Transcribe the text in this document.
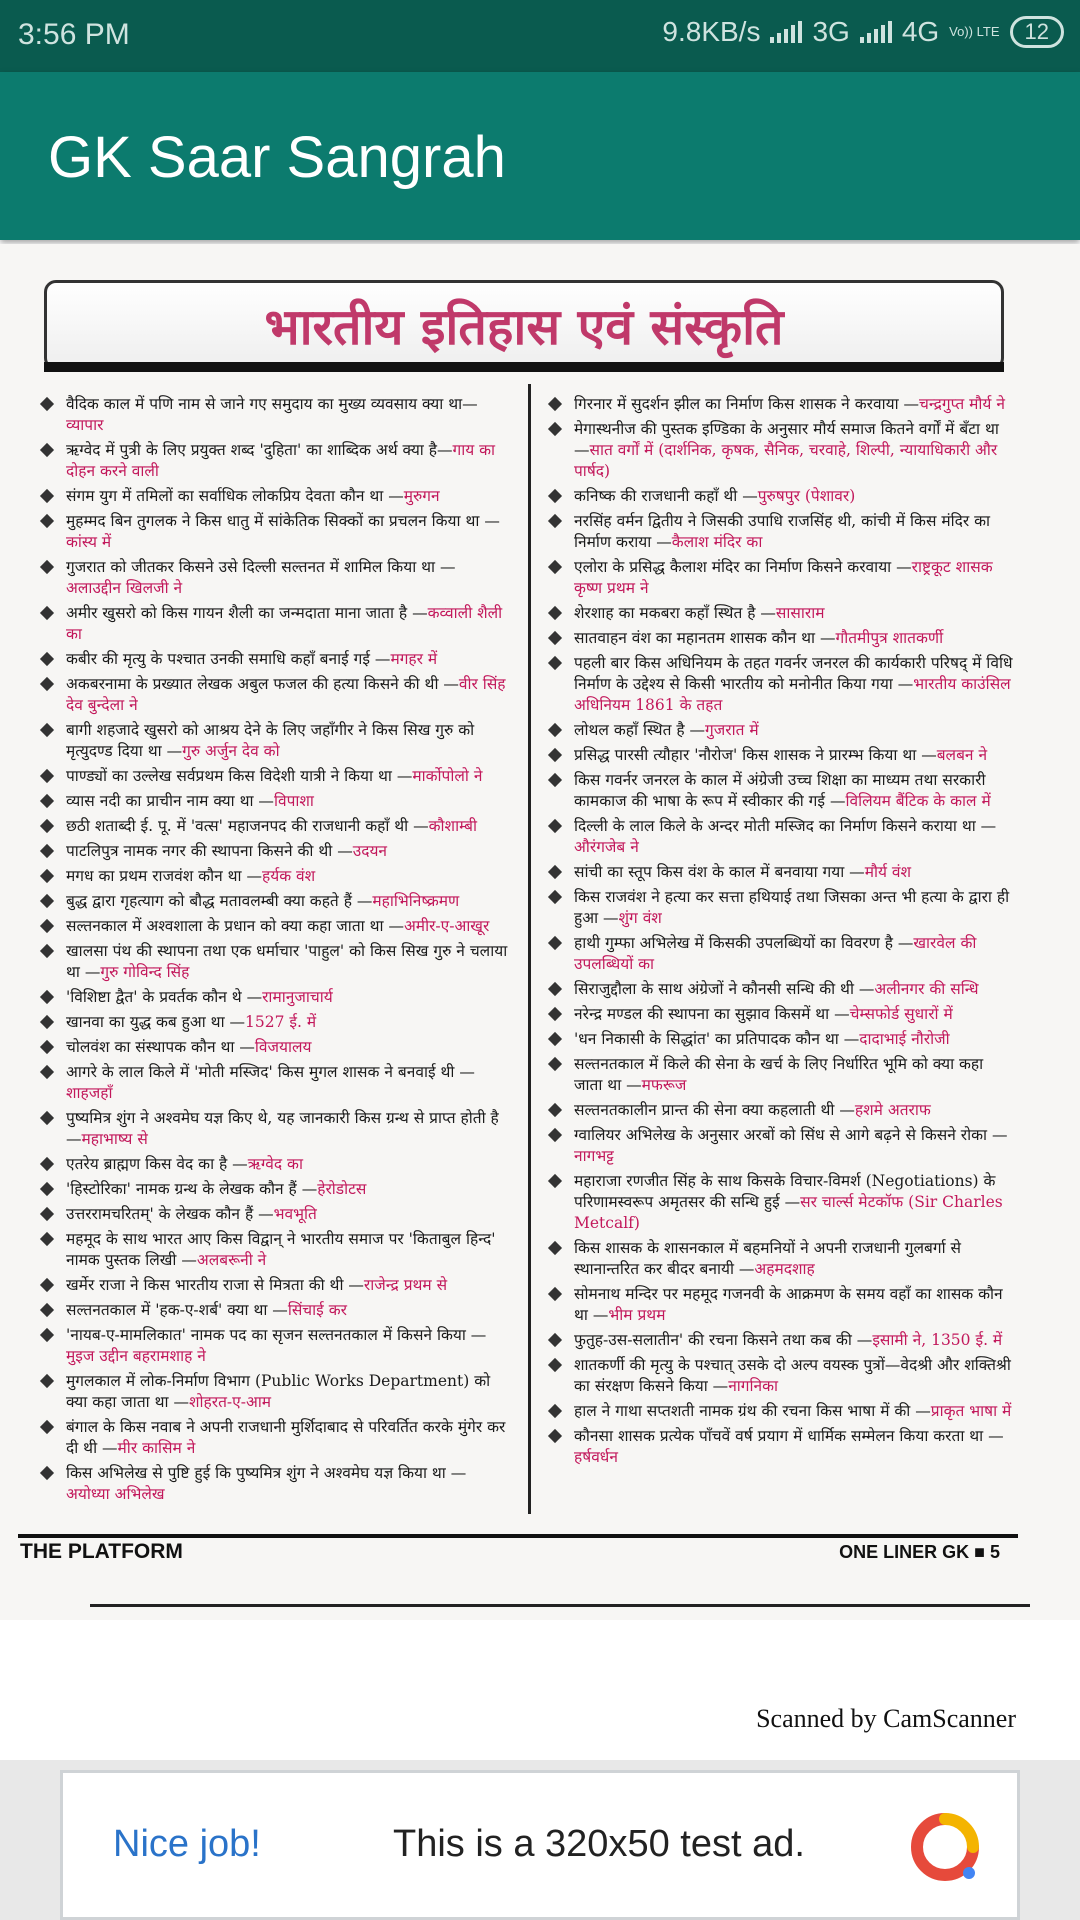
3:56 PM	9.8KB/s 3G 4G Vo)) LTE	12
GK Saar Sangrah
भारतीय इतिहास एवं संस्कृति
वैदिक काल में पणि नाम से जाने गए समुदाय का मुख्य व्यवसाय क्या था—व्यापार
ऋग्वेद में पुत्री के लिए प्रयुक्त शब्द 'दुहिता' का शाब्दिक अर्थ क्या है—गाय का दोहन करने वाली
संगम युग में तमिलों का सर्वाधिक लोकप्रिय देवता कौन था —मुरुगन
मुहम्मद बिन तुगलक ने किस धातु में सांकेतिक सिक्कों का प्रचलन किया था —कांस्य में
गुजरात को जीतकर किसने उसे दिल्ली सल्तनत में शामिल किया था —अलाउद्दीन खिलजी ने
अमीर खुसरो को किस गायन शैली का जन्मदाता माना जाता है —कव्वाली शैली का
कबीर की मृत्यु के पश्चात उनकी समाधि कहाँ बनाई गई —मगहर में
अकबरनामा के प्रख्यात लेखक अबुल फजल की हत्या किसने की थी —वीर सिंह देव बुन्देला ने
बागी शहजादे खुसरो को आश्रय देने के लिए जहाँगीर ने किस सिख गुरु को मृत्युदण्ड दिया था —गुरु अर्जुन देव को
पाण्ड्यों का उल्लेख सर्वप्रथम किस विदेशी यात्री ने किया था —मार्कोपोलो ने
व्यास नदी का प्राचीन नाम क्या था —विपाशा
छठी शताब्दी ई. पू. में 'वत्स' महाजनपद की राजधानी कहाँ थी —कौशाम्बी
पाटलिपुत्र नामक नगर की स्थापना किसने की थी —उदयन
मगध का प्रथम राजवंश कौन था —हर्यक वंश
बुद्ध द्वारा गृहत्याग को बौद्ध मतावलम्बी क्या कहते हैं —महाभिनिष्क्रमण
सल्तनकाल में अश्वशाला के प्रधान को क्या कहा जाता था —अमीर-ए-आखूर
खालसा पंथ की स्थापना तथा एक धर्माचार 'पाहुल' को किस सिख गुरु ने चलाया था —गुरु गोविन्द सिंह
'विशिष्टा द्वैत' के प्रवर्तक कौन थे —रामानुजाचार्य
खानवा का युद्ध कब हुआ था —1527 ई. में
चोलवंश का संस्थापक कौन था —विजयालय
आगरे के लाल किले में 'मोती मस्जिद' किस मुगल शासक ने बनवाई थी —शाहजहाँ
पुष्यमित्र शुंग ने अश्वमेघ यज्ञ किए थे, यह जानकारी किस ग्रन्थ से प्राप्त होती है —महाभाष्य से
एतरेय ब्राह्मण किस वेद का है —ऋग्वेद का
'हिस्टोरिका' नामक ग्रन्थ के लेखक कौन हैं —हेरोडोटस
उत्तररामचरितम्' के लेखक कौन हैं —भवभूति
महमूद के साथ भारत आए किस विद्वान् ने भारतीय समाज पर 'किताबुल हिन्द' नामक पुस्तक लिखी —अलबरूनी ने
खर्मेर राजा ने किस भारतीय राजा से मित्रता की थी —राजेन्द्र प्रथम से
सल्तनतकाल में 'हक-ए-शर्ब' क्या था —सिंचाई कर
'नायब-ए-मामलिकात' नामक पद का सृजन सल्तनतकाल में किसने किया —मुइज उद्दीन बहरामशाह ने
मुगलकाल में लोक-निर्माण विभाग (Public Works Department) को क्या कहा जाता था —शोहरत-ए-आम
बंगाल के किस नवाब ने अपनी राजधानी मुर्शिदाबाद से परिवर्तित करके मुंगेर कर दी थी —मीर कासिम ने
किस अभिलेख से पुष्टि हुई कि पुष्यमित्र शुंग ने अश्वमेघ यज्ञ किया था —अयोध्या अभिलेख
गिरनार में सुदर्शन झील का निर्माण किस शासक ने करवाया —चन्द्रगुप्त मौर्य ने
मेगास्थनीज की पुस्तक इण्डिका के अनुसार मौर्य समाज कितने वर्गों में बँटा था —सात वर्गों में (दार्शनिक, कृषक, सैनिक, चरवाहे, शिल्पी, न्यायाधिकारी और पार्षद)
कनिष्क की राजधानी कहाँ थी —पुरुषपुर (पेशावर)
नरसिंह वर्मन द्वितीय ने जिसकी उपाधि राजसिंह थी, कांची में किस मंदिर का निर्माण कराया —कैलाश मंदिर का
एलोरा के प्रसिद्ध कैलाश मंदिर का निर्माण किसने करवाया —राष्ट्रकूट शासक कृष्ण प्रथम ने
शेरशाह का मकबरा कहाँ स्थित है —सासाराम
सातवाहन वंश का महानतम शासक कौन था —गौतमीपुत्र शातकर्णी
पहली बार किस अधिनियम के तहत गवर्नर जनरल की कार्यकारी परिषद् में विधि निर्माण के उद्देश्य से किसी भारतीय को मनोनीत किया गया —भारतीय काउंसिल अधिनियम 1861 के तहत
लोथल कहाँ स्थित है —गुजरात में
प्रसिद्ध पारसी त्यौहार 'नौरोज' किस शासक ने प्रारम्भ किया था —बलबन ने
किस गवर्नर जनरल के काल में अंग्रेजी उच्च शिक्षा का माध्यम तथा सरकारी कामकाज की भाषा के रूप में स्वीकार की गई —विलियम बैंटिक के काल में
दिल्ली के लाल किले के अन्दर मोती मस्जिद का निर्माण किसने कराया था —औरंगजेब ने
सांची का स्तूप किस वंश के काल में बनवाया गया —मौर्य वंश
किस राजवंश ने हत्या कर सत्ता हथियाई तथा जिसका अन्त भी हत्या के द्वारा ही हुआ —शुंग वंश
हाथी गुम्फा अभिलेख में किसकी उपलब्धियों का विवरण है —खारवेल की उपलब्धियों का
सिराजुद्दौला के साथ अंग्रेजों ने कौनसी सन्धि की थी —अलीनगर की सन्धि
नरेन्द्र मण्डल की स्थापना का सुझाव किसमें था —चेम्सफोर्ड सुधारों में
'धन निकासी के सिद्धांत' का प्रतिपादक कौन था —दादाभाई नौरोजी
सल्तनतकाल में किले की सेना के खर्च के लिए निर्धारित भूमि को क्या कहा जाता था —मफरूज
सल्तनतकालीन प्रान्त की सेना क्या कहलाती थी —हशमे अतराफ
ग्वालियर अभिलेख के अनुसार अरबों को सिंध से आगे बढ़ने से किसने रोका —नागभट्ट
महाराजा रणजीत सिंह के साथ किसके विचार-विमर्श (Negotiations) के परिणामस्वरूप अमृतसर की सन्धि हुई —सर चार्ल्स मेटकॉफ (Sir Charles Metcalf)
किस शासक के शासनकाल में बहमनियों ने अपनी राजधानी गुलबर्गा से स्थानान्तरित कर बीदर बनायी —अहमदशाह
सोमनाथ मन्दिर पर महमूद गजनवी के आक्रमण के समय वहाँ का शासक कौन था —भीम प्रथम
फुतुह-उस-सलातीन' की रचना किसने तथा कब की —इसामी ने, 1350 ई. में
शातकर्णी की मृत्यु के पश्चात् उसके दो अल्प वयस्क पुत्रों—वेदश्री और शक्तिश्री का संरक्षण किसने किया —नागनिका
हाल ने गाथा सप्तशती नामक ग्रंथ की रचना किस भाषा में की —प्राकृत भाषा में
कौनसा शासक प्रत्येक पाँचवें वर्ष प्रयाग में धार्मिक सम्मेलन किया करता था —हर्षवर्धन
THE PLATFORM	ONE LINER GK ■ 5
Scanned by CamScanner
Nice job!	This is a 320x50 test ad.
